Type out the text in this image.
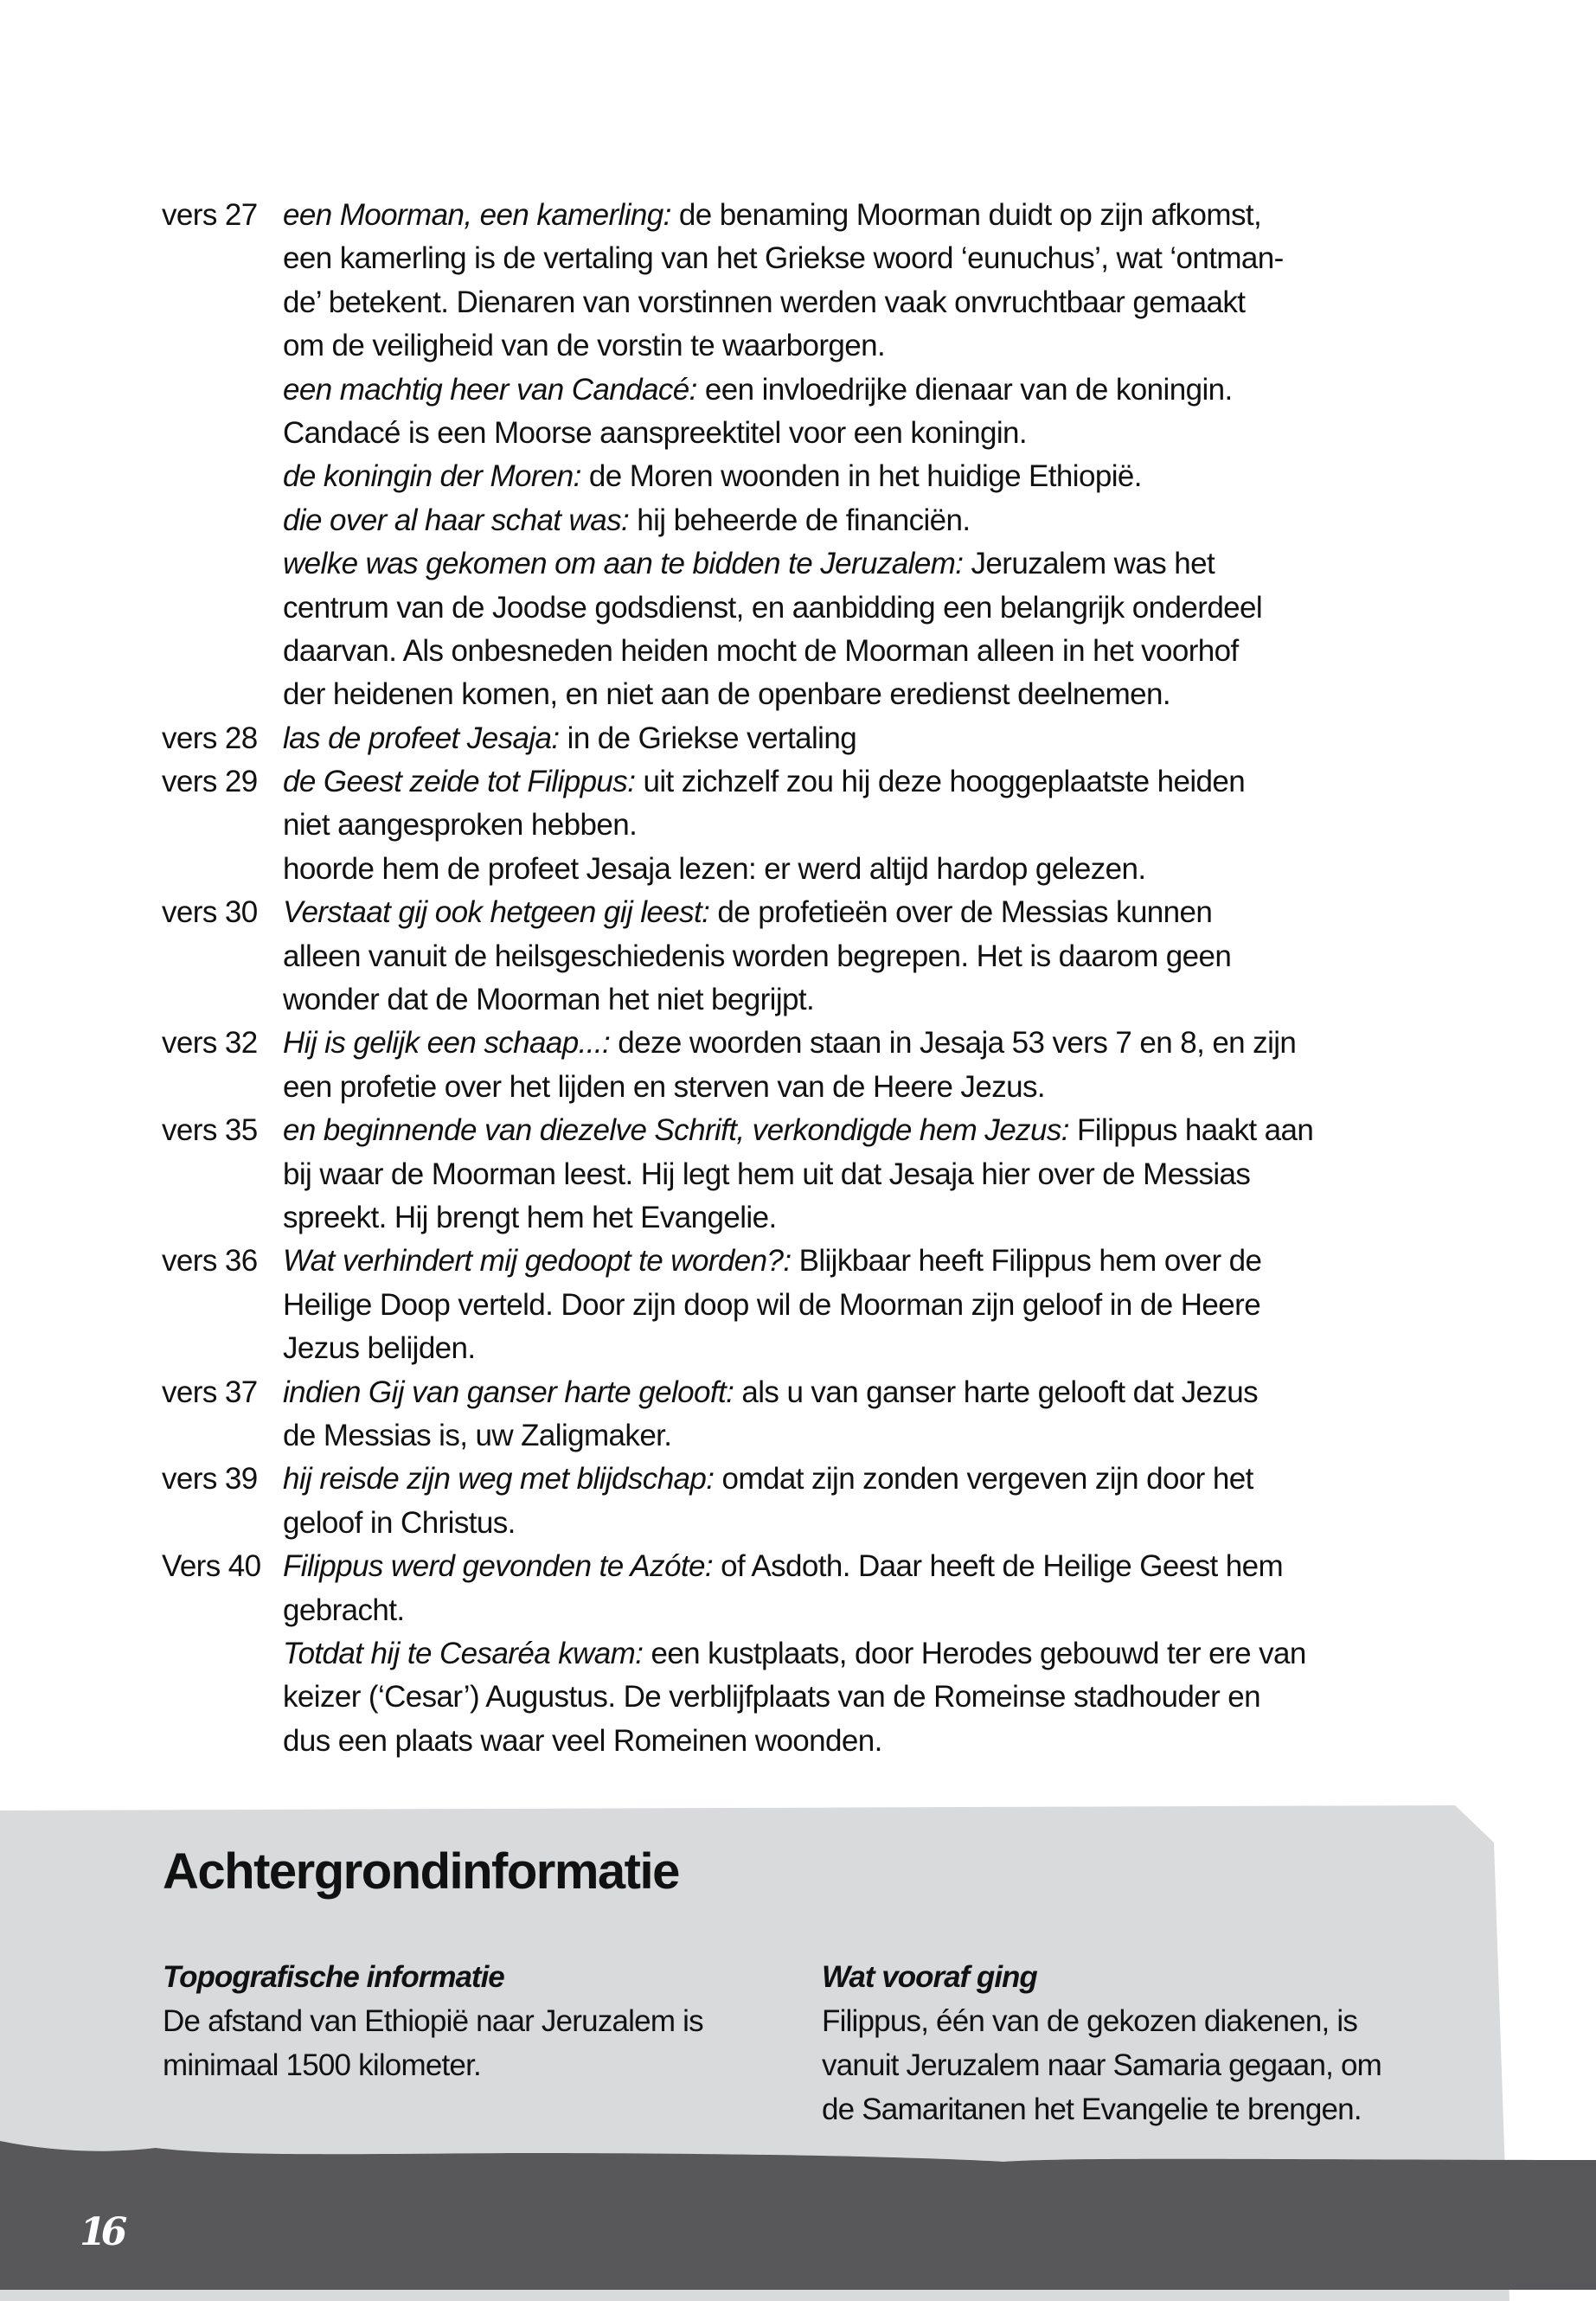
vers 27 een Moorman, een kamerling: de benaming Moorman duidt op zijn afkomst,
een kamerling is de vertaling van het Griekse woord ‘eunuchus’, wat ‘ontman-
de’ betekent. Dienaren van vorstinnen werden vaak onvruchtbaar gemaakt
om de veiligheid van de vorstin te waarborgen.
een machtig heer van Candacé: een invloedrijke dienaar van de koningin.
Candacé is een Moorse aanspreektitel voor een koningin.
de koningin der Moren: de Moren woonden in het huidige Ethiopië.
die over al haar schat was: hij beheerde de financiën.
welke was gekomen om aan te bidden te Jeruzalem: Jeruzalem was het
centrum van de Joodse godsdienst, en aanbidding een belangrijk onderdeel
daarvan. Als onbesneden heiden mocht de Moorman alleen in het voorhof
der heidenen komen, en niet aan de openbare eredienst deelnemen.
vers 28 las de profeet Jesaja: in de Griekse vertaling
vers 29 de Geest zeide tot Filippus: uit zichzelf zou hij deze hooggeplaatste heiden
niet aangesproken hebben.
hoorde hem de profeet Jesaja lezen: er werd altijd hardop gelezen.
vers 30 Verstaat gij ook hetgeen gij leest: de profetieën over de Messias kunnen
alleen vanuit de heilsgeschiedenis worden begrepen. Het is daarom geen
wonder dat de Moorman het niet begrijpt.
vers 32 Hij is gelijk een schaap...: deze woorden staan in Jesaja 53 vers 7 en 8, en zijn
een profetie over het lijden en sterven van de Heere Jezus.
vers 35 en beginnende van diezelve Schrift, verkondigde hem Jezus: Filippus haakt aan
bij waar de Moorman leest. Hij legt hem uit dat Jesaja hier over de Messias
spreekt. Hij brengt hem het Evangelie.
vers 36 Wat verhindert mij gedoopt te worden?: Blijkbaar heeft Filippus hem over de
Heilige Doop verteld. Door zijn doop wil de Moorman zijn geloof in de Heere
Jezus belijden.
vers 37 indien Gij van ganser harte gelooft: als u van ganser harte gelooft dat Jezus
de Messias is, uw Zaligmaker.
vers 39 hij reisde zijn weg met blijdschap: omdat zijn zonden vergeven zijn door het
geloof in Christus.
Vers 40 Filippus werd gevonden te Azóte: of Asdoth. Daar heeft de Heilige Geest hem
gebracht.
Totdat hij te Cesaréa kwam: een kustplaats, door Herodes gebouwd ter ere van
keizer (‘Cesar’) Augustus. De verblijfplaats van de Romeinse stadhouder en
dus een plaats waar veel Romeinen woonden.
Achtergrondinformatie
Topografische informatie

De afstand van Ethiopië naar Jeruzalem is

minimaal 1500 kilometer.

Wat vooraf ging

Filippus, één van de gekozen diakenen, is

vanuit Jeruzalem naar Samaria gegaan, om

de Samaritanen het Evangelie te brengen.

16
